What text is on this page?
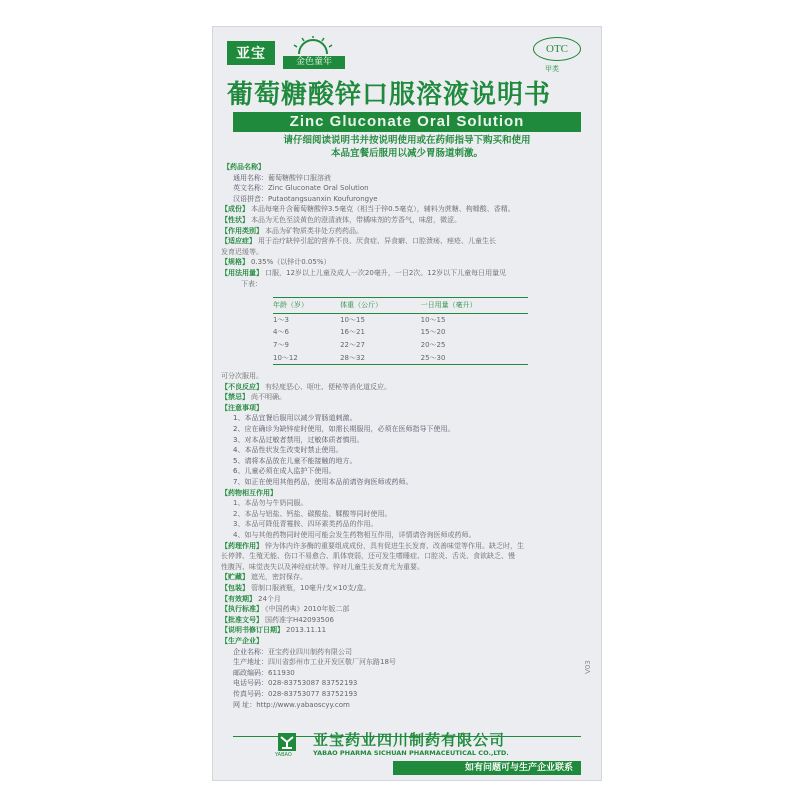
亚宝	金色童年
OTC
甲类
葡萄糖酸锌口服溶液说明书
Zinc Gluconate Oral Solution
请仔细阅读说明书并按说明使用或在药师指导下购买和使用
本品宜餐后服用以减少胃肠道刺激。
【药品名称】
通用名称：葡萄糖酸锌口服溶液
英文名称：Zinc Gluconate Oral Solution
汉语拼音：Putaotangsuanxin Koufurongye
【成份】 本品每毫升含葡萄糖酸锌3.5毫克（相当于锌0.5毫克），辅料为蔗糖、枸橼酸、香精。
【性状】 本品为无色至淡黄色的澄清液体，带橘味剂的芳香气，味甜，微涩。
【作用类别】 本品为矿物质类非处方药药品。
【适应症】 用于治疗缺锌引起的营养不良、厌食症、异食癖、口腔溃疡、痤疮、儿童生长
发育迟缓等。
【规格】 0.35%（以锌计0.05%）
【用法用量】 口服，12岁以上儿童及成人一次20毫升，一日2次。12岁以下儿童每日用量见
下表：
年龄（岁）	体重（公斤）	一日用量（毫升）
1～3	10～15	10～15
4～6	16～21	15～20
7～9	22～27	20～25
10～12	28～32	25～30
可分次服用。
【不良反应】 有轻度恶心、呕吐、便秘等消化道反应。
【禁忌】 尚不明确。
【注意事项】
1、本品宜餐后服用以减少胃肠道刺激。
2、应在确诊为缺锌症时使用，如需长期服用，必须在医师指导下使用。
3、对本品过敏者禁用，过敏体质者慎用。
4、本品性状发生改变时禁止使用。
5、请将本品放在儿童不能接触的地方。
6、儿童必须在成人监护下使用。
7、如正在使用其他药品，使用本品前请咨询医师或药师。
【药物相互作用】
1、本品勿与牛奶同服。
2、本品与铝盐、钙盐、碳酸盐、鞣酸等同时使用。
3、本品可降低青霉胺、四环素类药品的作用。
4、如与其他药物同时使用可能会发生药物相互作用，详情请咨询医师或药师。
【药理作用】 锌为体内许多酶的重要组成成份，具有促进生长发育、改善味觉等作用。缺乏时，生
长停滞、生殖无能、伤口不易愈合、肌体衰弱，还可发生嗜睡症、口腔炎、舌炎、食欲缺乏、慢
性腹泻、味觉丧失以及神经症状等。锌对儿童生长发育尤为重要。
【贮藏】 遮光，密封保存。
【包装】 管制口服液瓶，10毫升/支×10支/盒。
【有效期】 24个月
【执行标准】 《中国药典》2010年版二部
【批准文号】 国药准字H42093506
【说明书修订日期】 2013.11.11
【生产企业】
企业名称：亚宝药业四川制药有限公司
生产地址：四川省彭州市工业开发区敬厂河东路18号
邮政编码：611930
电话号码：028-83753087 83752193
传真号码：028-83753077 83752193
网 址：http://www.yabaoscyy.com
V03
YABAO
亚宝药业四川制药有限公司
YABAO PHARMA SICHUAN PHARMACEUTICAL CO.,LTD.
如有问题可与生产企业联系
